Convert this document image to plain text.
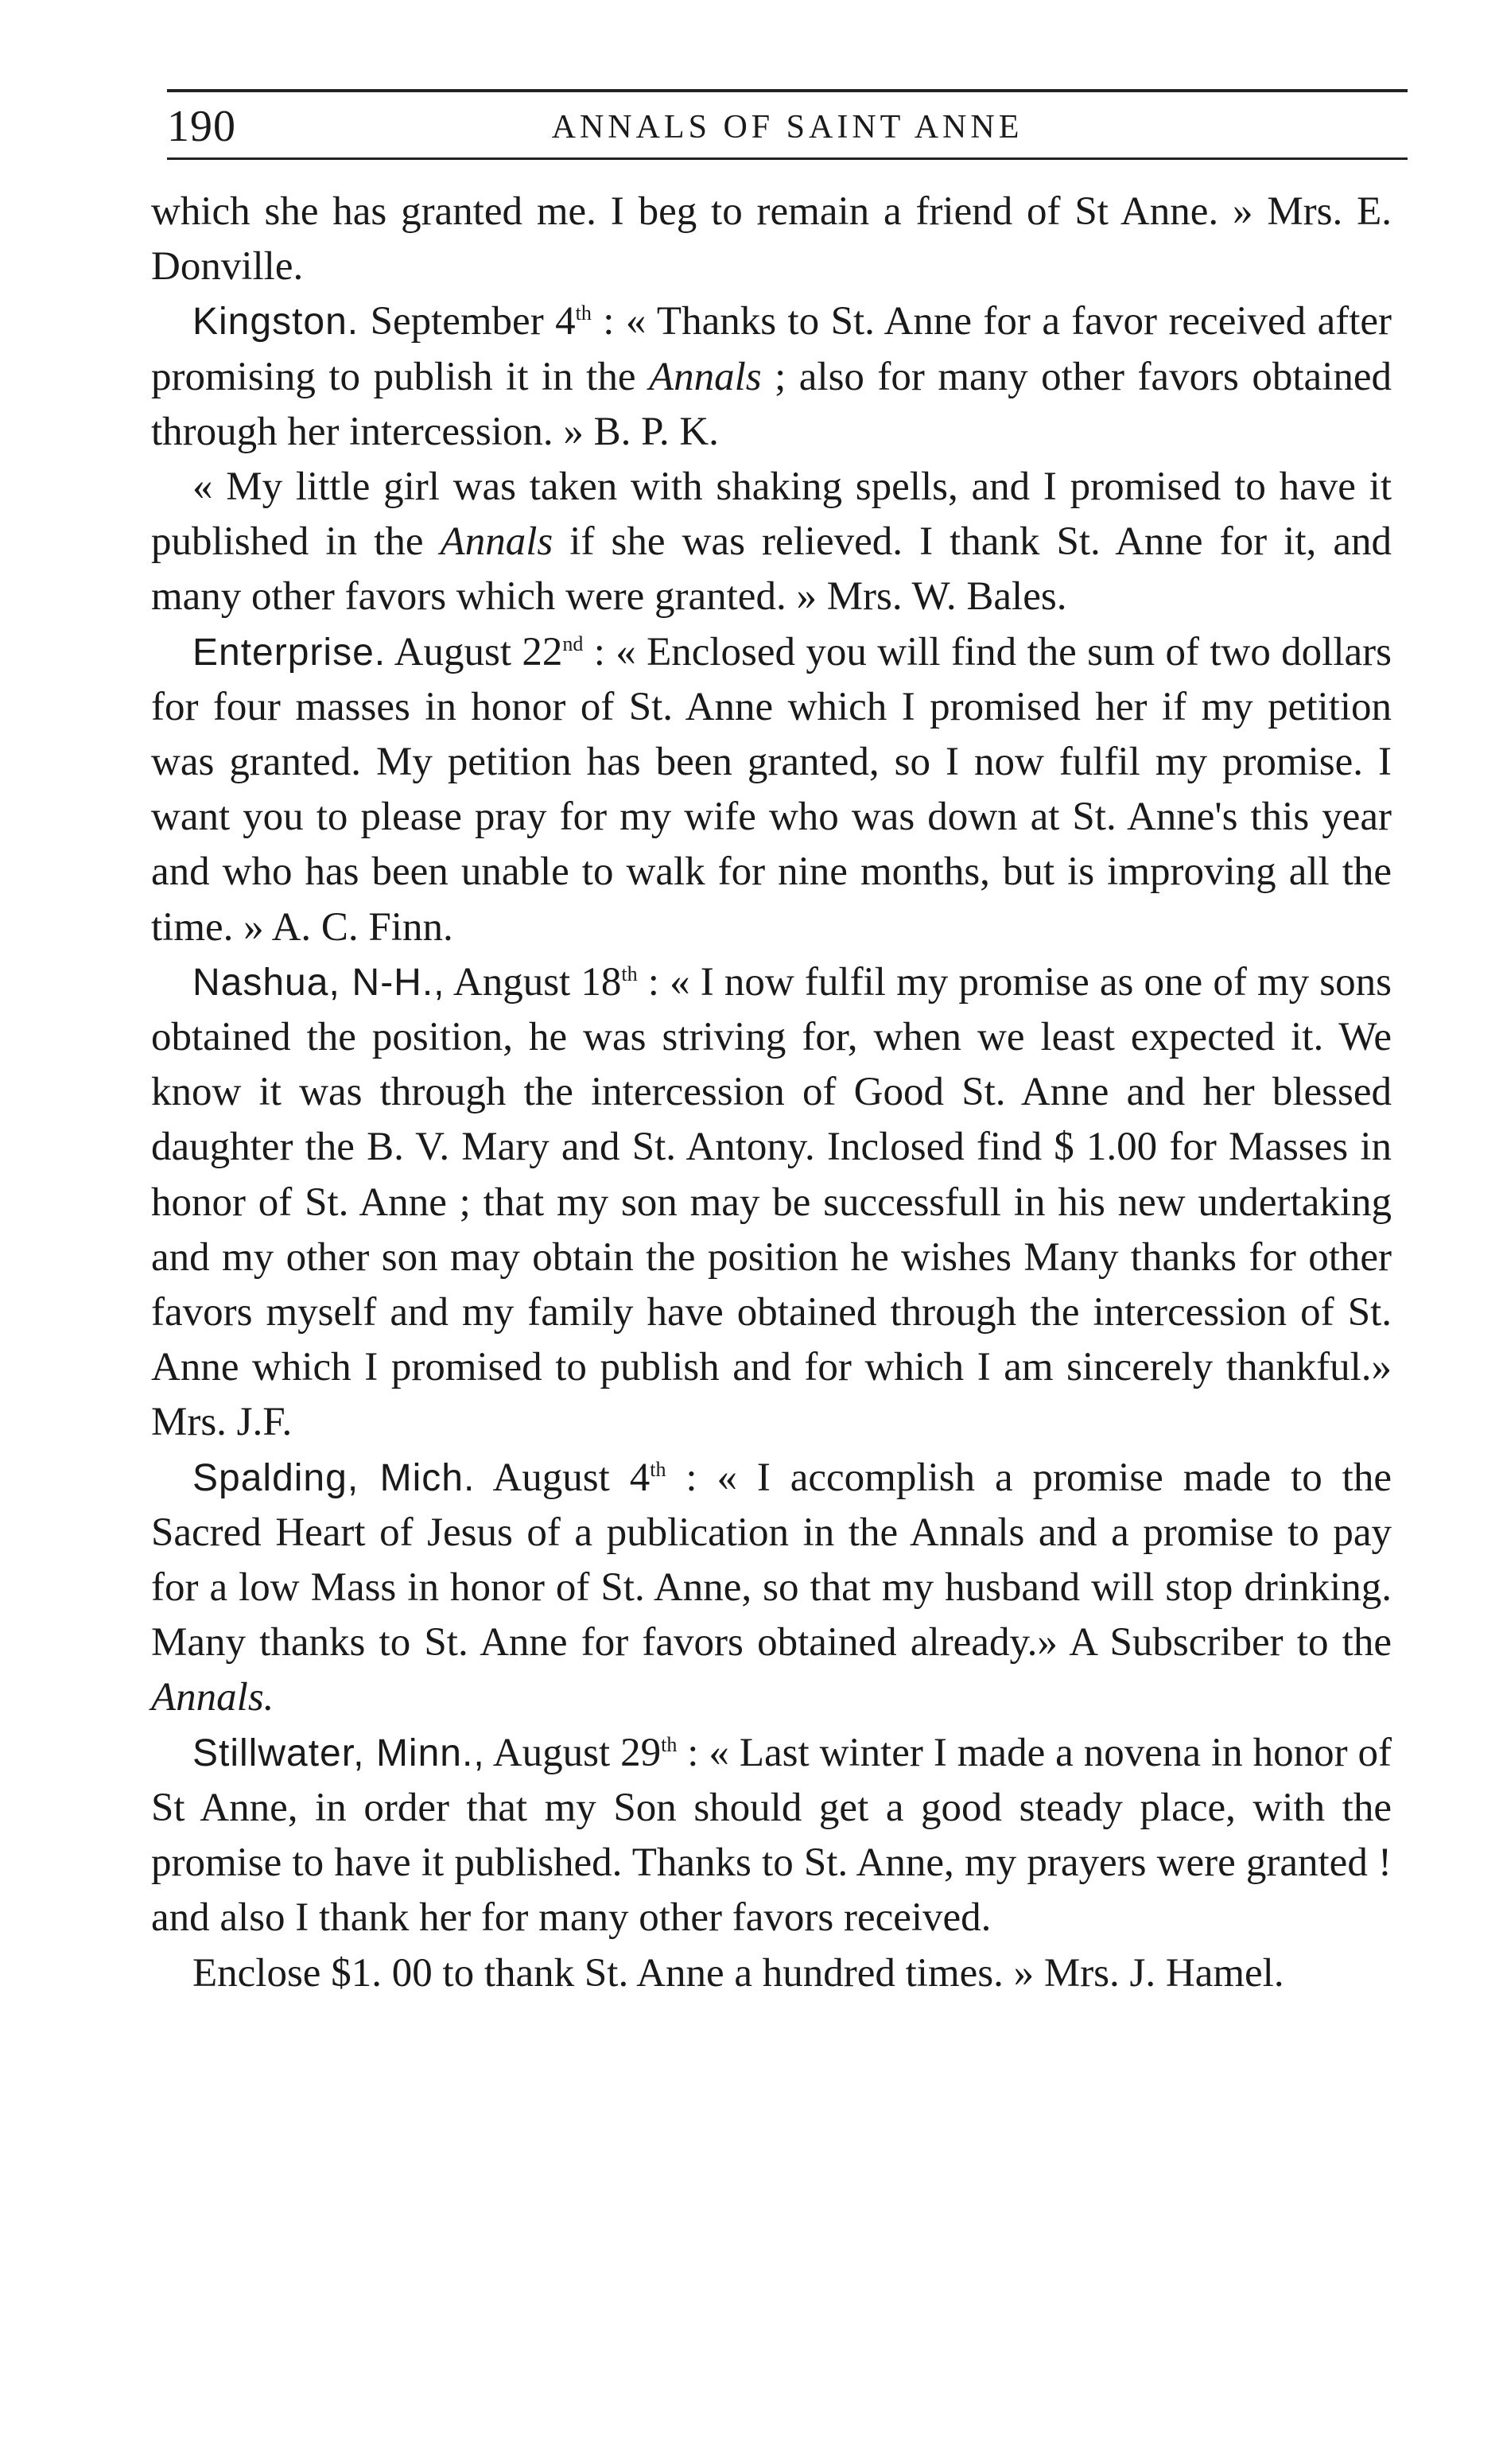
190	ANNALS OF SAINT ANNE

which she has granted me. I beg to remain a friend of St Anne. » Mrs. E. Donville.

Kingston. September 4th : « Thanks to St. Anne for a favor received after promising to publish it in the Annals ; also for many other favors obtained through her intercession. » B. P. K.

« My little girl was taken with shaking spells, and I promised to have it published in the Annals if she was relieved. I thank St. Anne for it, and many other favors which were granted. » Mrs. W. Bales.

Enterprise. August 22nd : « Enclosed you will find the sum of two dollars for four masses in honor of St. Anne which I promised her if my petition was granted. My petition has been granted, so I now fulfil my promise. I want you to please pray for my wife who was down at St. Anne's this year and who has been unable to walk for nine months, but is improving all the time. » A. C. Finn.

Nashua, N-H., Angust 18th : « I now fulfil my promise as one of my sons obtained the position, he was striving for, when we least expected it. We know it was through the intercession of Good St. Anne and her blessed daughter the B. V. Mary and St. Antony. Inclosed find $ 1.00 for Masses in honor of St. Anne ; that my son may be successfull in his new undertaking and my other son may obtain the position he wishes Many thanks for other favors myself and my family have obtained through the intercession of St. Anne which I promised to publish and for which I am sincerely thankful.» Mrs. J.F.

Spalding, Mich. August 4th : « I accomplish a promise made to the Sacred Heart of Jesus of a publication in the Annals and a promise to pay for a low Mass in honor of St. Anne, so that my husband will stop drinking. Many thanks to St. Anne for favors obtained already.» A Subscriber to the Annals.

Stillwater, Minn., August 29th : « Last winter I made a novena in honor of St Anne, in order that my Son should get a good steady place, with the promise to have it published. Thanks to St. Anne, my prayers were granted ! and also I thank her for many other favors received.

Enclose $1. 00 to thank St. Anne a hundred times. » Mrs. J. Hamel.
